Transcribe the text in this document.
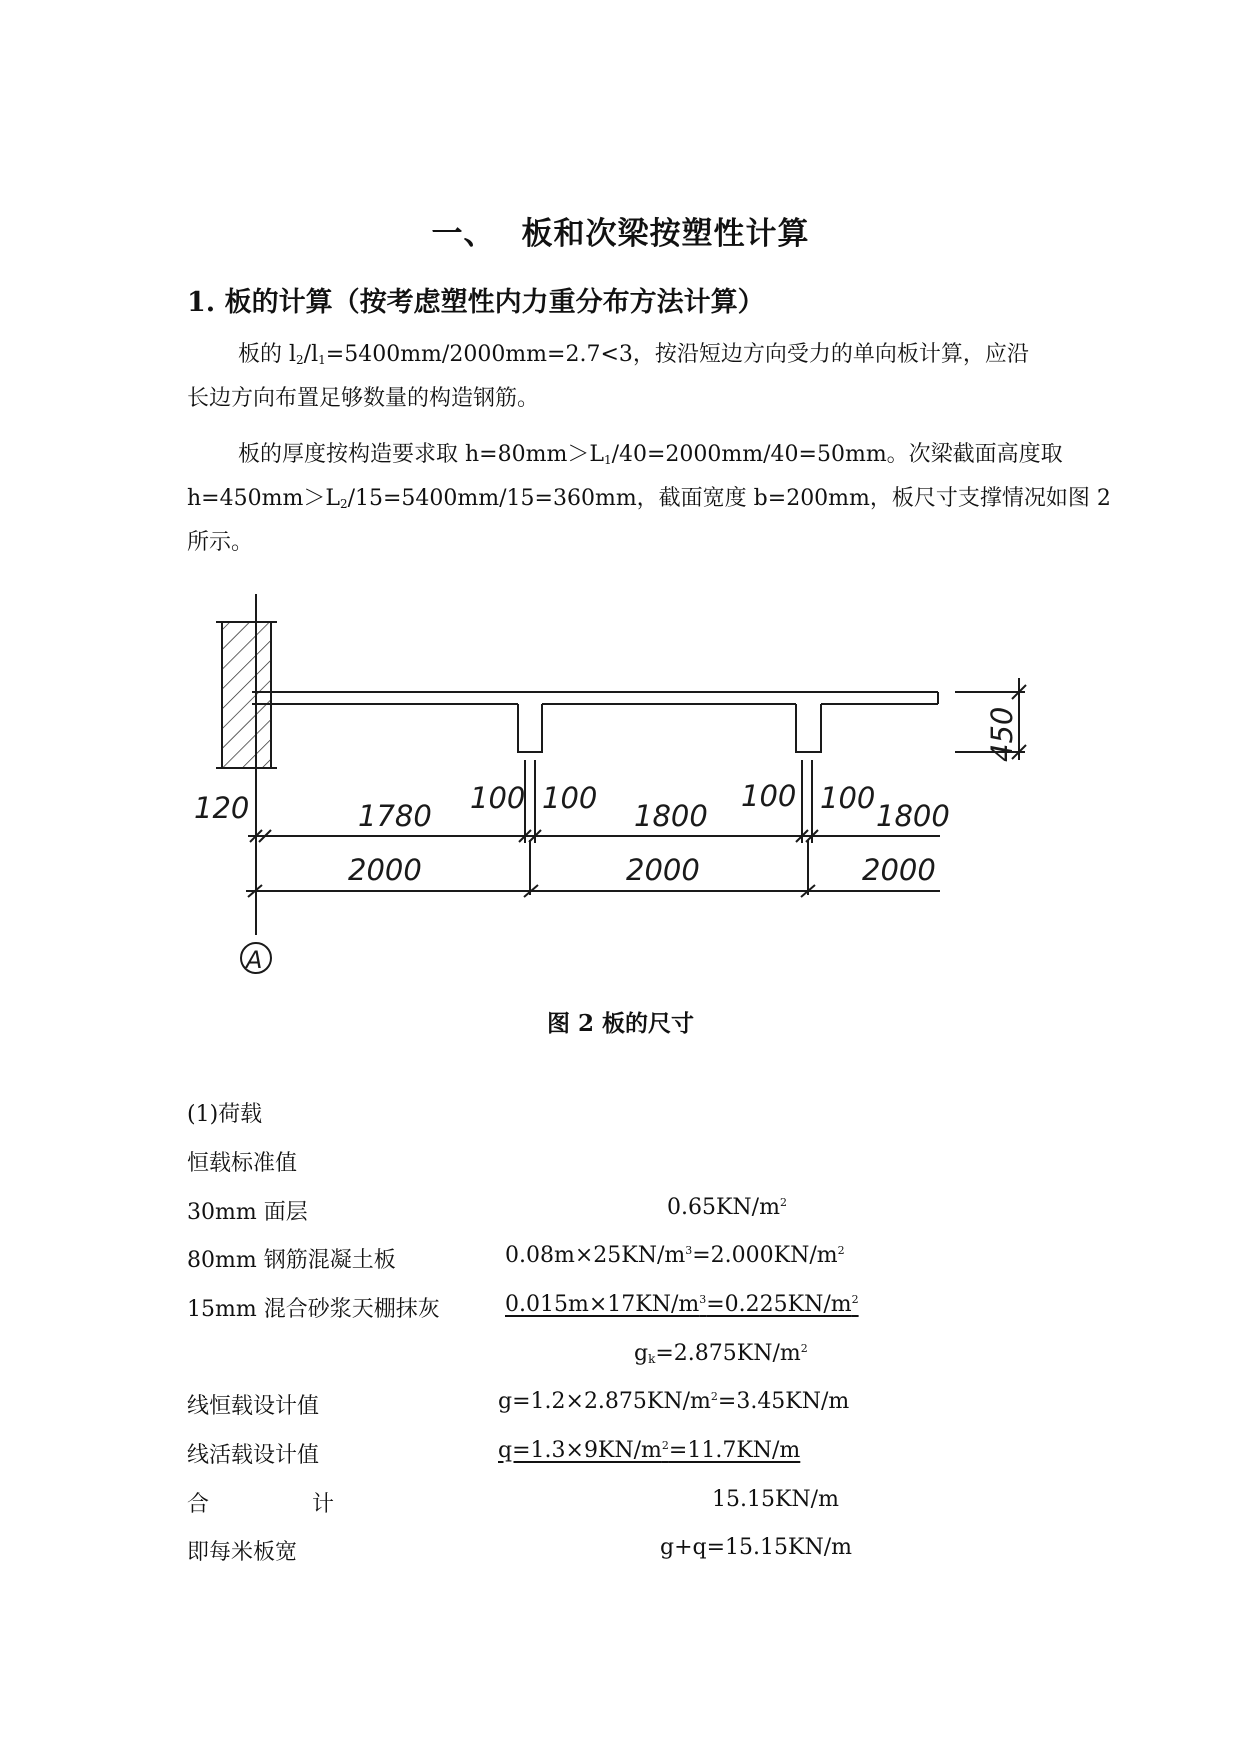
一、 板和次梁按塑性计算
1. 板的计算（按考虑塑性内力重分布方法计算）
板的 $l_2/l_1=5400mm/2000mm=2.7<3$，按沿短边方向受力的单向板计算，应沿
长边方向布置足够数量的构造钢筋。
板的厚度按构造要求取 $h=80mm>L_1/40=2000mm/40=50mm$。次梁截面高度取
$h=450mm>L_2/15=5400mm/15=360mm$，截面宽度 b=200mm，板尺寸支撑情况如图 2
所示。
120	1780
100 100
1800
100 100
1800
2000	2000	2000
450
A
图 2 板的尺寸
(1)荷载
恒载标准值
30mm 面层	$0.65KN/m^2$
80mm 钢筋混凝土板	$0.08m\times 25KN/m^3=2.000KN/m^2$
15mm 混合砂浆天棚抹灰	$0.015m\times 17KN/m^3=0.225KN/m^2$
$g_k=2.875KN/m^2$
线恒载设计值	$g=1.2\times 2.875KN/m^2=3.45KN/m$
线活载设计值	$q=1.3\times 9KN/m^2=11.7KN/m$
合	计	15.15KN/m
即每米板宽	g+q=15.15KN/m
